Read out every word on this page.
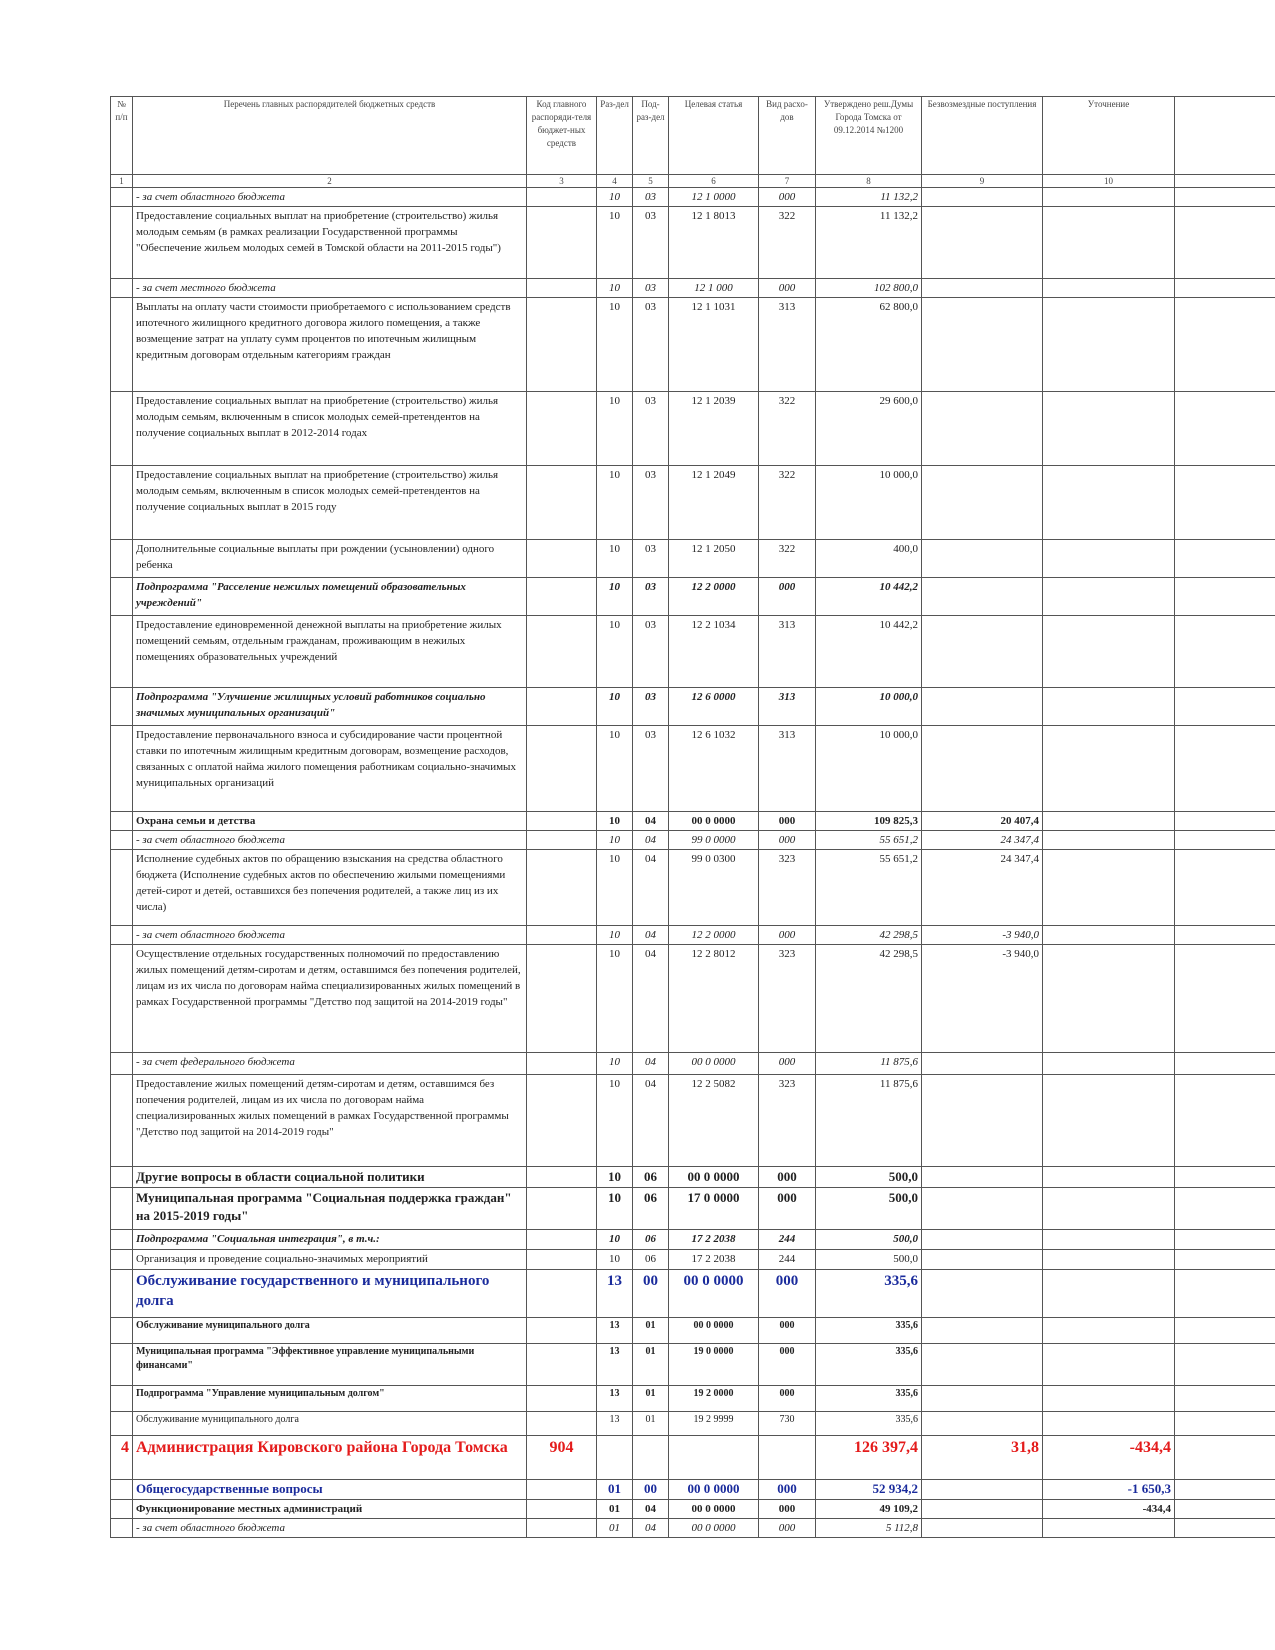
№ п/п	Перечень главных распорядителей бюджетных средств	Код главного распоряди-теля бюджет-ных средств	Раз-дел	Под-раз-дел	Целевая статья	Вид расхо-дов	Утверждено реш.Думы Города Томска от 09.12.2014 №1200	Безвозмездные поступления	Уточнение	
1	2	3	4	5	6	7	8	9	10	
	- за счет областного бюджета		10	03	12 1 0000	000	11 132,2			
	Предоставление социальных выплат на приобретение (строительство) жилья молодым семьям (в рамках реализации Государственной программы "Обеспечение жильем молодых семей в Томской области на 2011-2015 годы")		10	03	12 1 8013	322	11 132,2			
	- за счет местного бюджета		10	03	12 1 000	000	102 800,0			
	Выплаты на оплату части стоимости приобретаемого с использованием средств ипотечного жилищного кредитного договора жилого помещения, а также возмещение затрат на уплату сумм процентов по ипотечным жилищным кредитным договорам отдельным категориям граждан		10	03	12 1 1031	313	62 800,0			
	Предоставление социальных выплат на приобретение (строительство) жилья молодым семьям, включенным в список молодых семей-претендентов на получение социальных выплат в 2012-2014 годах		10	03	12 1 2039	322	29 600,0			
	Предоставление социальных выплат на приобретение (строительство) жилья молодым семьям, включенным в список молодых семей-претендентов на получение социальных выплат в 2015 году		10	03	12 1 2049	322	10 000,0			
	Дополнительные социальные выплаты при рождении (усыновлении) одного ребенка		10	03	12 1 2050	322	400,0			
	Подпрограмма "Расселение нежилых помещений образовательных учреждений"		10	03	12 2 0000	000	10 442,2			
	Предоставление единовременной денежной выплаты на приобретение жилых помещений семьям, отдельным гражданам, проживающим в нежилых помещениях образовательных учреждений		10	03	12 2 1034	313	10 442,2			
	Подпрограмма "Улучшение жилищных условий работников социально значимых муниципальных организаций"		10	03	12 6 0000	313	10 000,0			
	Предоставление первоначального взноса и субсидирование части процентной ставки по ипотечным жилищным кредитным договорам, возмещение расходов, связанных с оплатой найма жилого помещения работникам социально-значимых муниципальных организаций		10	03	12 6 1032	313	10 000,0			
	Охрана семьи и детства		10	04	00 0 0000	000	109 825,3	20 407,4		
	- за счет областного бюджета		10	04	99 0 0000	000	55 651,2	24 347,4		
	Исполнение судебных актов по обращению взыскания на средства областного бюджета (Исполнение судебных актов по обеспечению жилыми помещениями детей-сирот и детей, оставшихся без попечения родителей, а также лиц из их числа)		10	04	99 0 0300	323	55 651,2	24 347,4		
	- за счет областного бюджета		10	04	12 2 0000	000	42 298,5	-3 940,0		
	Осуществление отдельных государственных полномочий по предоставлению жилых помещений детям-сиротам и детям, оставшимся без попечения родителей, лицам из их числа по договорам найма специализированных жилых помещений в рамках Государственной программы "Детство под защитой на 2014-2019 годы"		10	04	12 2 8012	323	42 298,5	-3 940,0		
	- за счет федерального бюджета		10	04	00 0 0000	000	11 875,6			
	Предоставление жилых помещений детям-сиротам и детям, оставшимся без попечения родителей, лицам из их числа по договорам найма специализированных жилых помещений в рамках Государственной программы "Детство под защитой на 2014-2019 годы"		10	04	12 2 5082	323	11 875,6			
	Другие вопросы в области социальной политики		10	06	00 0 0000	000	500,0			
	Муниципальная программа "Социальная поддержка граждан" на 2015-2019 годы"		10	06	17 0 0000	000	500,0			
	Подпрограмма "Социальная интеграция", в т.ч.:		10	06	17 2 2038	244	500,0			
	Организация и проведение социально-значимых мероприятий		10	06	17 2 2038	244	500,0			
	Обслуживание государственного и муниципального долга		13	00	00 0 0000	000	335,6			
	Обслуживание муниципального долга		13	01	00 0 0000	000	335,6			
	Муниципальная программа "Эффективное управление муниципальными финансами"		13	01	19 0 0000	000	335,6			
	Подпрограмма "Управление муниципальным долгом"		13	01	19 2 0000	000	335,6			
	Обслуживание муниципального долга		13	01	19 2 9999	730	335,6			
4	Администрация Кировского района Города Томска	904					126 397,4	31,8	-434,4	
	Общегосударственные вопросы		01	00	00 0 0000	000	52 934,2		-1 650,3	
	Функционирование местных администраций		01	04	00 0 0000	000	49 109,2		-434,4	
	- за счет областного бюджета		01	04	00 0 0000	000	5 112,8			
